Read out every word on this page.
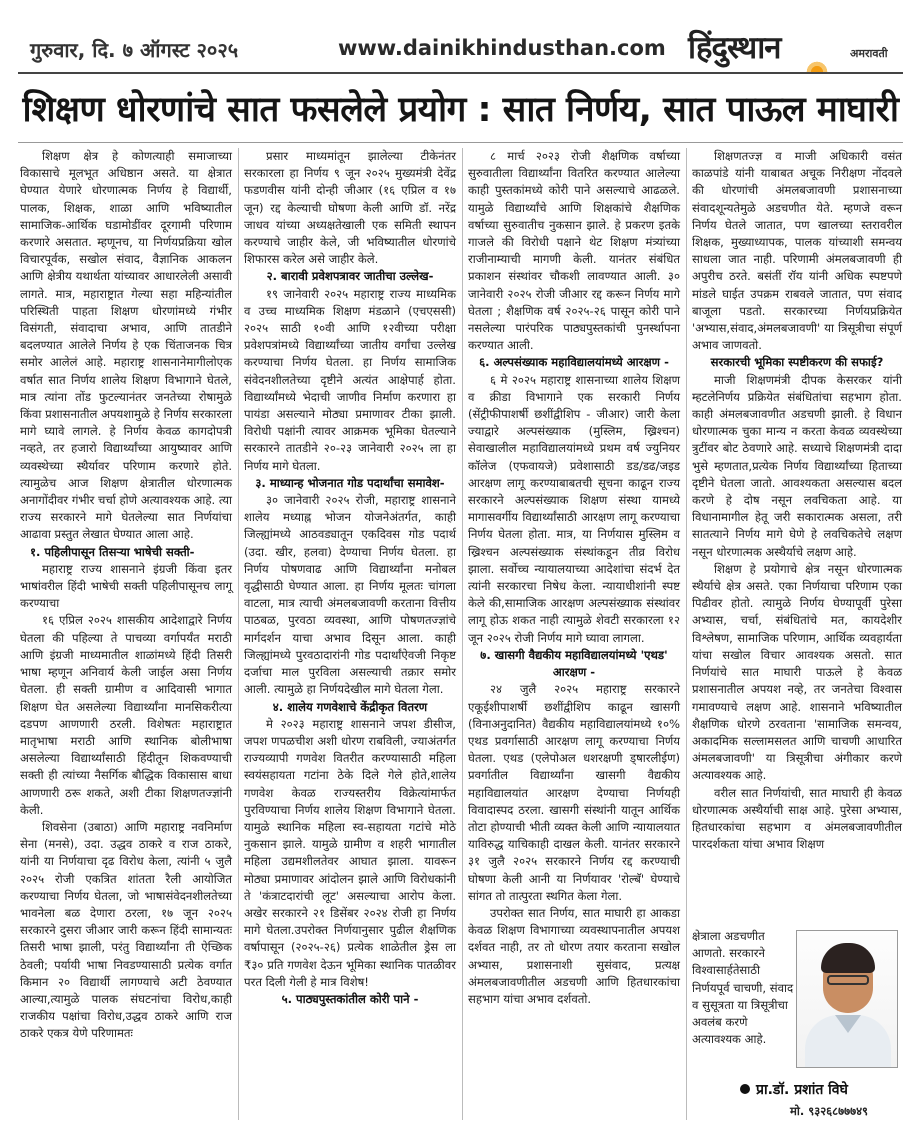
गुरुवार, दि. ७ ऑगस्ट २०२५	www.dainikhindusthan.com हिंदुस्थान	अमरावती
शिक्षण धोरणांचे सात फसलेले प्रयोग : सात निर्णय, सात पाऊल माघारी

शिक्षण क्षेत्र हे कोणत्याही समाजाच्या विकासाचे मूलभूत अधिष्ठान असते. या क्षेत्रात घेण्यात येणारे धोरणात्मक निर्णय हे विद्यार्थी, पालक, शिक्षक, शाळा आणि भविष्यातील सामाजिक-आर्थिक घडामोडींवर दूरगामी परिणाम करणारे असतात. म्हणूनच, या निर्णयप्रक्रिया खोल विचारपूर्वक, सखोल संवाद, वैज्ञानिक आकलन आणि क्षेत्रीय यथार्थता यांच्यावर आधारलेली असावी लागते. मात्र, महाराष्ट्रात गेल्या सहा महिन्यांतील परिस्थिती पाहता शिक्षण धोरणांमध्ये गंभीर विसंगती, संवादाचा अभाव, आणि तातडीने बदलण्यात आलेले निर्णय हे एक चिंताजनक चित्र समोर आलेलं आहे. महाराष्ट्र शासनानेमागीलोएक वर्षात सात निर्णय शालेय शिक्षण विभागाने घेतले, मात्र त्यांना तोंड फुटल्यानंतर जनतेच्या रोषामुळे किंवा प्रशासनातील अपयशामुळे हे निर्णय सरकारला मागे घ्यावे लागले. हे निर्णय केवळ कागदोपत्री नव्हते, तर हजारो विद्यार्थ्यांच्या आयुष्यावर आणि व्यवस्थेच्या स्थैर्यावर परिणाम करणारे होते. त्यामुळेच आज शिक्षण क्षेत्रातील धोरणात्मक अनागोंदीवर गंभीर चर्चा होणे अत्यावश्यक आहे. त्या राज्य सरकारने मागे घेतलेल्या सात निर्णयांचा आढावा प्रस्तुत लेखात घेण्यात आला आहे.

१. पहिलीपासून तिसऱ्या भाषेची सक्ती-

महाराष्ट्र राज्य शासनाने इंग्रजी किंवा इतर भाषांवरील हिंदी भाषेची सक्ती पहिलीपासूनच लागू करण्याचा

१६ एप्रिल २०२५ शासकीय आदेशाद्वारे निर्णय घेतला की पहिल्या ते पाचव्या वर्गापर्यंत मराठी आणि इंग्रजी माध्यमातील शाळांमध्ये हिंदी तिसरी भाषा म्हणून अनिवार्य केली जाईल असा निर्णय घेतला. ही सक्ती ग्रामीण व आदिवासी भागात शिक्षण घेत असलेल्या विद्यार्थ्यांना मानसिकरीत्या दडपण आणणारी ठरली. विशेषतः महाराष्ट्रात मातृभाषा मराठी आणि स्थानिक बोलीभाषा असलेल्या विद्यार्थ्यांसाठी हिंदीतून शिकवण्याची सक्ती ही त्यांच्या नैसर्गिक बौद्धिक विकासास बाधा आणणारी ठरू शकते, अशी टीका शिक्षणतज्ज्ञांनी केली.

शिवसेना (उबाठा) आणि महाराष्ट्र नवनिर्माण सेना (मनसे), उदा. उद्धव ठाकरे व राज ठाकरे, यांनी या निर्णयाचा दृढ विरोध केला, त्यांनी ५ जुलै २०२५ रोजी एकत्रित शांतता रैली आयोजित करण्याचा निर्णय घेतला, जो भाषासंवेदनशीलतेच्या भावनेला बळ देणारा ठरला, १७ जून २०२५ सरकारने दुसरा जीआर जारी करून हिंदी सामान्यतः तिसरी भाषा झाली, परंतु विद्यार्थ्यांना ती ऐच्छिक ठेवली; पर्यायी भाषा निवडण्यासाठी प्रत्येक वर्गात किमान २० विद्यार्थी लागण्याचे अटी ठेवण्यात आल्या,त्यामुळे पालक संघटनांचा विरोध,काही राजकीय पक्षांचा विरोध,उद्धव ठाकरे आणि राज ठाकरे एकत्र येणे परिणामतः

प्रसार माध्यमांतून झालेल्या टीकेनंतर सरकारला हा निर्णय ९ जून २०२५ मुख्यमंत्री देवेंद्र फडणवीस यांनी दोन्ही जीआर (१६ एप्रिल व १७ जून) रद्द केल्याची घोषणा केली आणि डॉ. नरेंद्र जाधव यांच्या अध्यक्षतेखाली एक समिती स्थापन करण्याचे जाहीर केले, जी भविष्यातील धोरणांचे शिफारस करेल असे जाहीर केले.

२. बारावी प्रवेशपत्रावर जातीचा उल्लेख-

१९ जानेवारी २०२५ महाराष्ट्र राज्य माध्यमिक व उच्च माध्यमिक शिक्षण मंडळाने (एचएससी) २०२५ साठी १०वी आणि १२वीच्या परीक्षा प्रवेशपत्रांमध्ये विद्यार्थ्यांच्या जातीय वर्गांचा उल्लेख करण्याचा निर्णय घेतला. हा निर्णय सामाजिक संवेदनशीलतेच्या दृष्टीने अत्यंत आक्षेपार्ह होता. विद्यार्थ्यांमध्ये भेदाची जाणीव निर्माण करणारा हा पायंडा असल्याने मोठ्या प्रमाणावर टीका झाली. विरोधी पक्षांनी त्यावर आक्रमक भूमिका घेतल्याने सरकारने तातडीने २०-२३ जानेवारी २०२५ ला हा निर्णय मागे घेतला.

३. माध्यान्ह भोजनात गोड पदार्थांचा समावेश-

३० जानेवारी २०२५ रोजी, महाराष्ट्र शासनाने शालेय मध्याह्न भोजन योजनेअंतर्गत, काही जिल्ह्यांमध्ये आठवड्यातून एकदिवस गोड पदार्थ (उदा. खीर, हलवा) देण्याचा निर्णय घेतला. हा निर्णय पोषणवाढ आणि विद्यार्थ्यांना मनोबल वृद्धीसाठी घेण्यात आला. हा निर्णय मूलतः चांगला वाटला, मात्र त्याची अंमलबजावणी करताना वित्तीय पाठबळ, पुरवठा व्यवस्था, आणि पोषणतज्ज्ञांचे मार्गदर्शन याचा अभाव दिसून आला. काही जिल्ह्यांमध्ये पुरवठादारांनी गोड पदार्थांऐवजी निकृष्ट दर्जाचा माल पुरविला असल्याची तक्रार समोर आली. त्यामुळे हा निर्णयदेखील मागे घेतला गेला.

४. शालेय गणवेशाचे केंद्रीकृत वितरण

मे २०२३ महाराष्ट्र शासनाने जपश डीसीज, जपश णपळचीश अशी धोरण राबविली, ज्याअंतर्गत राज्यव्यापी गणवेश वितरीत करण्यासाठी महिला स्वयंसहायता गटांना ठेके दिले गेले होते,शालेय गणवेश केवळ राज्यस्तरीय विक्रेत्यांमार्फत पुरविण्याचा निर्णय शालेय शिक्षण विभागाने घेतला. यामुळे स्थानिक महिला स्व-सहायता गटांचे मोठे नुकसान झाले. यामुळे ग्रामीण व शहरी भागातील महिला उद्यमशीलतेवर आघात झाला. यावरून मोठ्या प्रमाणावर आंदोलन झाले आणि विरोधकांनी ते 'कंत्राटदारांची लूट' असल्याचा आरोप केला. अखेर सरकारने २१ डिसेंबर २०२४ रोजी हा निर्णय मागे घेतला.उपरोक्त निर्णयानुसार पुढील शैक्षणिक वर्षापासून (२०२५-२६) प्रत्येक शाळेतील ड्रेस ला ₹३० प्रति गणवेश देऊन भूमिका स्थानिक पातळीवर परत दिली गेली हे मात्र विशेष!

५. पाठ्यपुस्तकांतील कोरी पाने -

८ मार्च २०२३ रोजी शैक्षणिक वर्षाच्या सुरुवातीला विद्यार्थ्यांना वितरित करण्यात आलेल्या काही पुस्तकांमध्ये कोरी पाने असल्याचे आढळले. यामुळे विद्यार्थ्यांचे आणि शिक्षकांचे शैक्षणिक वर्षाच्या सुरुवातीच नुकसान झाले. हे प्रकरण इतके गाजले की विरोधी पक्षाने थेट शिक्षण मंत्र्यांच्या राजीनाम्याची मागणी केली. यानंतर संबंधित प्रकाशन संस्थांवर चौकशी लावण्यात आली. ३० जानेवारी २०२५ रोजी जीआर रद्द करून निर्णय मागे घेतला ; शैक्षणिक वर्ष २०२५-२६ पासून कोरी पाने नसलेल्या पारंपरिक पाठ्यपुस्तकांची पुनर्स्थापना करण्यात आली.

६. अल्पसंख्याक महाविद्यालयांमध्ये आरक्षण -

६ मे २०२५ महाराष्ट्र शासनाच्या शालेय शिक्षण व क्रीडा विभागाने एक सरकारी निर्णय (सेंट्रीफीपाशर्षी छशींद्वीशिप - जीआर) जारी केला ज्याद्वारे अल्पसंख्याक (मुस्लिम, ख्रिश्चन) सेवाखालील महाविद्यालयांमध्ये प्रथम वर्ष ज्युनियर कॉलेज (एफवायजे) प्रवेशासाठी डड/डढ/जइड आरक्षण लागू करण्याबाबतची सूचना काढून राज्य सरकारने अल्पसंख्याक शिक्षण संस्था यामध्ये मागासवर्गीय विद्यार्थ्यांसाठी आरक्षण लागू करण्याचा निर्णय घेतला होता. मात्र, या निर्णयास मुस्लिम व ख्रिश्चन अल्पसंख्याक संस्थांकडून तीव्र विरोध झाला. सर्वोच्च न्यायालयाच्या आदेशांचा संदर्भ देत त्यांनी सरकारचा निषेध केला. न्यायाधीशांनी स्पष्ट केले की,सामाजिक आरक्षण अल्पसंख्याक संस्थांवर लागू होऊ शकत नाही त्यामुळे शेवटी सरकारला १२ जून २०२५ रोजी निर्णय मागे घ्यावा लागला.

७. खासगी वैद्यकीय महाविद्यालयांमध्ये 'एथड' आरक्षण -

२४ जुलै २०२५ महाराष्ट्र सरकारने एकूईशीपाशर्षी छशींद्वीशिप काढून खासगी (विनाअनुदानित) वैद्यकीय महाविद्यालयांमध्ये १०% एथड प्रवर्गासाठी आरक्षण लागू करण्याचा निर्णय घेतला. एथड (एलेपोअल धशरक्षणी ड्षारलीईण) प्रवर्गातील विद्यार्थ्यांना खासगी वैद्यकीय महाविद्यालयांत आरक्षण देण्याचा निर्णयही विवादास्पद ठरला. खासगी संस्थांनी यातून आर्थिक तोटा होण्याची भीती व्यक्त केली आणि न्यायालयात याविरुद्ध याचिकाही दाखल केली. यानंतर सरकारने ३१ जुलै २०२५ सरकारने निर्णय रद्द करण्याची घोषणा केली आनी या निर्णयावर 'रोल्बॅ' घेण्याचे सांगत तो तात्पुरता स्थगित केला गेला.

उपरोक्त सात निर्णय, सात माघारी हा आकडा केवळ शिक्षण विभागाच्या व्यवस्थापनातील अपयश दर्शवत नाही, तर तो धोरण तयार करताना सखोल अभ्यास, प्रशासनाशी सुसंवाद, प्रत्यक्ष अंमलबजावणीतील अडचणी आणि हितधारकांचा सहभाग यांचा अभाव दर्शवतो.

शिक्षणतज्ज्ञ व माजी अधिकारी वसंत काळपांडे यांनी याबाबत अचूक निरीक्षण नोंदवले की धोरणांची अंमलबजावणी प्रशासनाच्या संवादशून्यतेमुळे अडचणीत येते. म्हणजे वरून निर्णय घेतले जातात, पण खालच्या स्तरावरील शिक्षक, मुख्याध्यापक, पालक यांच्याशी समन्वय साधला जात नाही. परिणामी अंमलबजावणी ही अपुरीच ठरते. बसंतीं रॉय यांनी अधिक स्पष्टपणे मांडले घाईत उपक्रम राबवले जातात, पण संवाद बाजूला पडतो. सरकारच्या निर्णयप्रक्रियेत 'अभ्यास,संवाद,अंमलबजावणी' या त्रिसूत्रीचा संपूर्ण अभाव जाणवतो.

सरकारची भूमिका स्पष्टीकरण की सफाई?

माजी शिक्षणमंत्री दीपक केसरकर यांनी म्हटलेनिर्णय प्रक्रियेत संबंधितांचा सहभाग होता. काही अंमलबजावणीत अडचणी झाली. हे विधान धोरणात्मक चुका मान्य न करता केवळ व्यवस्थेच्या त्रुटींवर बोट ठेवणारे आहे. सध्याचे शिक्षणमंत्री दादा भुसे म्हणतात,प्रत्येक निर्णय विद्यार्थ्यांच्या हिताच्या दृष्टीने घेतला जातो. आवश्यकता असल्यास बदल करणे हे दोष नसून लवचिकता आहे. या विधानामागील हेतू जरी सकारात्मक असला, तरी सातत्याने निर्णय मागे घेणे हे लवचिकतेचे लक्षण नसून धोरणात्मक अस्थैर्याचे लक्षण आहे.

शिक्षण हे प्रयोगाचे क्षेत्र नसून धोरणात्मक स्थैर्याचे क्षेत्र असते. एका निर्णयाचा परिणाम एका पिढीवर होतो. त्यामुळे निर्णय घेण्यापूर्वी पुरेसा अभ्यास, चर्चा, संबंधितांचे मत, कायदेशीर विश्लेषण, सामाजिक परिणाम, आर्थिक व्यवहार्यता यांचा सखोल विचार आवश्यक असतो. सात निर्णयांचे सात माघारी पाऊले हे केवळ प्रशासनातील अपयश नव्हे, तर जनतेचा विश्वास गमावण्याचे लक्षण आहे. शासनाने भविष्यातील शैक्षणिक धोरणे ठरवताना 'सामाजिक समन्वय, अकादमिक सल्लामसलत आणि चाचणी आधारित अंमलबजावणी' या त्रिसूत्रीचा अंगीकार करणे अत्यावश्यक आहे.

वरील सात निर्णयांची, सात माघारी ही केवळ धोरणात्मक अस्थैर्याची साक्ष आहे. पुरेसा अभ्यास, हितधारकांचा सहभाग व अंमलबजावणीतील पारदर्शकता यांचा अभाव शिक्षण

क्षेत्राला अडचणीत आणतो. सरकारने विश्वासार्हतेसाठी निर्णयपूर्व चाचणी, संवाद व सुसूत्रता या त्रिसूत्रीचा अवलंब करणे अत्यावश्यक आहे.
प्रा.डॉ. प्रशांत विघे
मो. ९३२६८७७७४९
